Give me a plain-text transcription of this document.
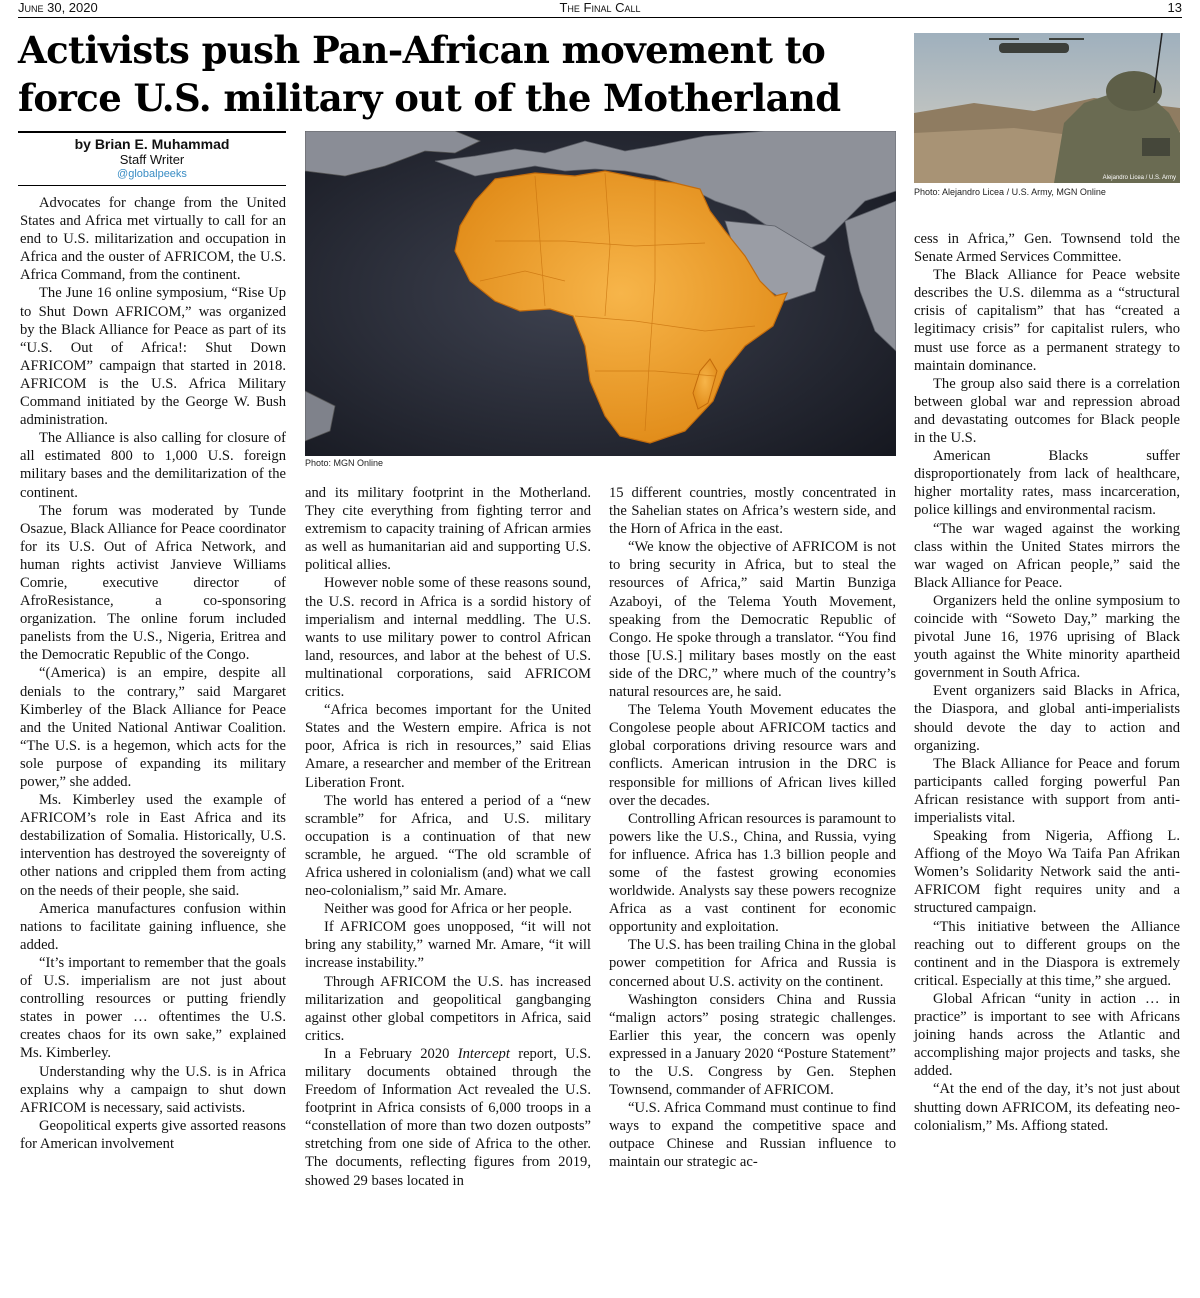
June 30, 2020	The Final Call	13
Activists push Pan-African movement to force U.S. military out of the Motherland
by Brian E. Muhammad
Staff Writer
@globalpeeks
Photo: MGN Online
Alejandro Licea / U.S. Army
Photo: Alejandro Licea / U.S. Army, MGN Online

Advocates for change from the United States and Africa met virtually to call for an end to U.S. militarization and occupation in Africa and the ouster of AFRICOM, the U.S. Africa Command, from the continent.

The June 16 online symposium, “Rise Up to Shut Down AFRICOM,” was organized by the Black Alliance for Peace as part of its “U.S. Out of Africa!: Shut Down AFRICOM” campaign that started in 2018. AFRICOM is the U.S. Africa Military Command initiated by the George W. Bush administration.

The Alliance is also calling for closure of all estimated 800 to 1,000 U.S. foreign military bases and the demilitarization of the continent.

The forum was moderated by Tunde Osazue, Black Alliance for Peace coordinator for its U.S. Out of Africa Network, and human rights activist Janvieve Williams Comrie, executive director of AfroResistance, a co-sponsoring organization. The online forum included panelists from the U.S., Nigeria, Eritrea and the Democratic Republic of the Congo.

“(America) is an empire, despite all denials to the contrary,” said Margaret Kimberley of the Black Alliance for Peace and the United National Antiwar Coalition. “The U.S. is a hegemon, which acts for the sole purpose of expanding its military power,” she added.

Ms. Kimberley used the example of AFRICOM’s role in East Africa and its destabilization of Somalia. Historically, U.S. intervention has destroyed the sovereignty of other nations and crippled them from acting on the needs of their people, she said.

America manufactures confusion within nations to facilitate gaining influence, she added.

“It’s important to remember that the goals of U.S. imperialism are not just about controlling resources or putting friendly states in power … oftentimes the U.S. creates chaos for its own sake,” explained Ms. Kimberley.

Understanding why the U.S. is in Africa explains why a campaign to shut down AFRICOM is necessary, said activists.

Geopolitical experts give assorted reasons for American involvement

and its military footprint in the Motherland. They cite everything from fighting terror and extremism to capacity training of African armies as well as humanitarian aid and supporting U.S. political allies.

However noble some of these reasons sound, the U.S. record in Africa is a sordid history of imperialism and internal meddling. The U.S. wants to use military power to control African land, resources, and labor at the behest of U.S. multinational corporations, said AFRICOM critics.

“Africa becomes important for the United States and the Western empire. Africa is not poor, Africa is rich in resources,” said Elias Amare, a researcher and member of the Eritrean Liberation Front.

The world has entered a period of a “new scramble” for Africa, and U.S. military occupation is a continuation of that new scramble, he argued. “The old scramble of Africa ushered in colonialism (and) what we call neo-colonialism,” said Mr. Amare.

Neither was good for Africa or her people.

If AFRICOM goes unopposed, “it will not bring any stability,” warned Mr. Amare, “it will increase instability.”

Through AFRICOM the U.S. has increased militarization and geopolitical gangbanging against other global competitors in Africa, said critics.

In a February 2020 Intercept report, U.S. military documents obtained through the Freedom of Information Act revealed the U.S. footprint in Africa consists of 6,000 troops in a “constellation of more than two dozen outposts” stretching from one side of Africa to the other. The documents, reflecting figures from 2019, showed 29 bases located in

15 different countries, mostly concentrated in the Sahelian states on Africa’s western side, and the Horn of Africa in the east.

“We know the objective of AFRICOM is not to bring security in Africa, but to steal the resources of Africa,” said Martin Bunziga Azaboyi, of the Telema Youth Movement, speaking from the Democratic Republic of Congo. He spoke through a translator. “You find those [U.S.] military bases mostly on the east side of the DRC,” where much of the country’s natural resources are, he said.

The Telema Youth Movement educates the Congolese people about AFRICOM tactics and global corporations driving resource wars and conflicts. American intrusion in the DRC is responsible for millions of African lives killed over the decades.

Controlling African resources is paramount to powers like the U.S., China, and Russia, vying for influence. Africa has 1.3 billion people and some of the fastest growing economies worldwide. Analysts say these powers recognize Africa as a vast continent for economic opportunity and exploitation.

The U.S. has been trailing China in the global power competition for Africa and Russia is concerned about U.S. activity on the continent.

Washington considers China and Russia “malign actors” posing strategic challenges. Earlier this year, the concern was openly expressed in a January 2020 “Posture Statement” to the U.S. Congress by Gen. Stephen Townsend, commander of AFRICOM.

“U.S. Africa Command must continue to find ways to expand the competitive space and outpace Chinese and Russian influence to maintain our strategic ac-

cess in Africa,” Gen. Townsend told the Senate Armed Services Committee.

The Black Alliance for Peace website describes the U.S. dilemma as a “structural crisis of capitalism” that has “created a legitimacy crisis” for capitalist rulers, who must use force as a permanent strategy to maintain dominance.

The group also said there is a correlation between global war and repression abroad and devastating outcomes for Black people in the U.S.

American Blacks suffer disproportionately from lack of healthcare, higher mortality rates, mass incarceration, police killings and environmental racism.

“The war waged against the working class within the United States mirrors the war waged on African people,” said the Black Alliance for Peace.

Organizers held the online symposium to coincide with “Soweto Day,” marking the pivotal June 16, 1976 uprising of Black youth against the White minority apartheid government in South Africa.

Event organizers said Blacks in Africa, the Diaspora, and global anti-imperialists should devote the day to action and organizing.

The Black Alliance for Peace and forum participants called forging powerful Pan African resistance with support from anti-imperialists vital.

Speaking from Nigeria, Affiong L. Affiong of the Moyo Wa Taifa Pan Afrikan Women’s Solidarity Network said the anti-AFRICOM fight requires unity and a structured campaign.

“This initiative between the Alliance reaching out to different groups on the continent and in the Diaspora is extremely critical. Especially at this time,” she argued.

Global African “unity in action … in practice” is important to see with Africans joining hands across the Atlantic and accomplishing major projects and tasks, she added.

“At the end of the day, it’s not just about shutting down AFRICOM, its defeating neo-colonialism,” Ms. Affiong stated.
